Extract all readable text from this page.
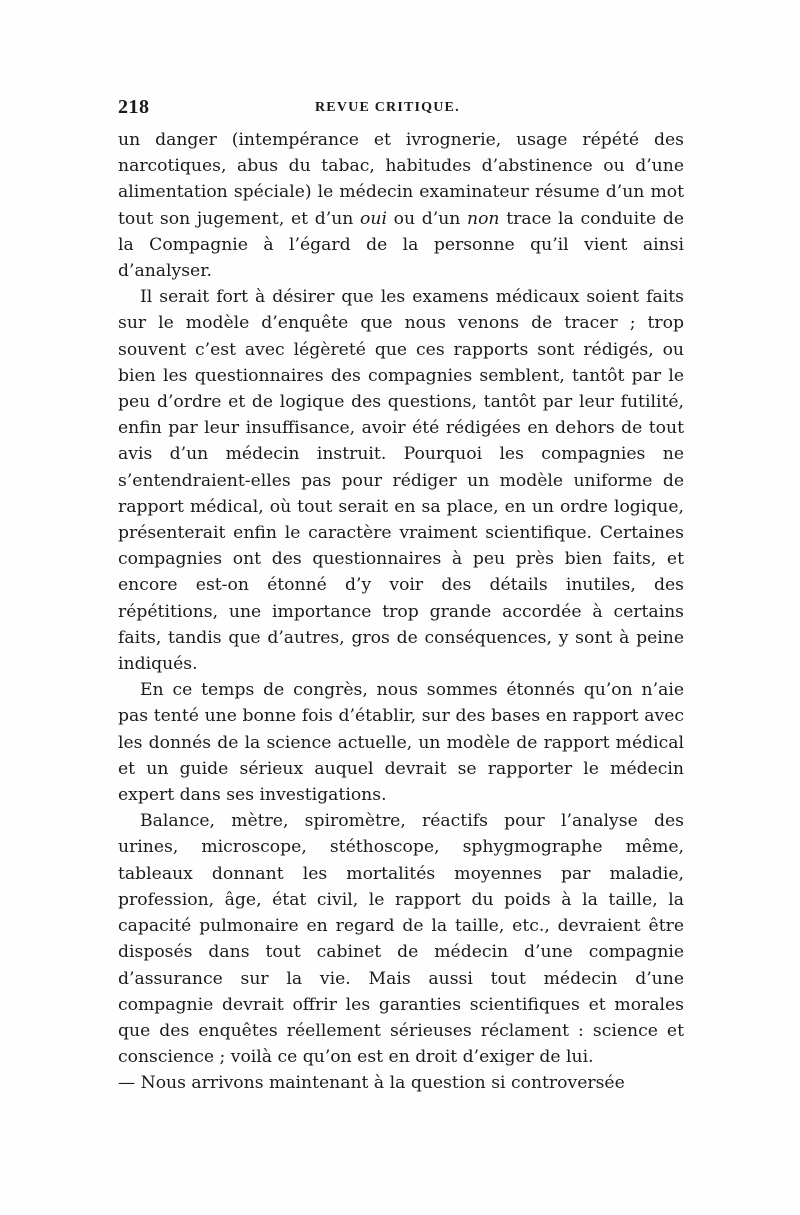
218	REVUE CRITIQUE.

un danger (intempérance et ivrognerie, usage répété des narcotiques, abus du tabac, habitudes d’abstinence ou d’une alimentation spéciale) le médecin examinateur résume d’un mot tout son jugement, et d’un oui ou d’un non trace la conduite de la Compagnie à l’égard de la personne qu’il vient ainsi d’analyser.

Il serait fort à désirer que les examens médicaux soient faits sur le modèle d’enquête que nous venons de tracer ; trop souvent c’est avec légèreté que ces rapports sont rédigés, ou bien les questionnaires des compagnies semblent, tantôt par le peu d’ordre et de logique des questions, tantôt par leur futilité, enfin par leur insuffisance, avoir été rédigées en dehors de tout avis d’un médecin instruit. Pourquoi les compagnies ne s’entendraient-elles pas pour rédiger un modèle uniforme de rapport médical, où tout serait en sa place, en un ordre logique, présenterait enfin le caractère vraiment scientifique. Certaines compagnies ont des questionnaires à peu près bien faits, et encore est-on étonné d’y voir des détails inutiles, des répétitions, une importance trop grande accordée à certains faits, tandis que d’autres, gros de conséquences, y sont à peine indiqués.

En ce temps de congrès, nous sommes étonnés qu’on n’aie pas tenté une bonne fois d’établir, sur des bases en rapport avec les donnés de la science actuelle, un modèle de rapport médical et un guide sérieux auquel devrait se rapporter le médecin expert dans ses investigations.

Balance, mètre, spiromètre, réactifs pour l’analyse des urines, microscope, stéthoscope, sphygmographe même, tableaux donnant les mortalités moyennes par maladie, profession, âge, état civil, le rapport du poids à la taille, la capacité pulmonaire en regard de la taille, etc., devraient être disposés dans tout cabinet de médecin d’une compagnie d’assurance sur la vie. Mais aussi tout médecin d’une compagnie devrait offrir les garanties scientifiques et morales que des enquêtes réellement sérieuses réclament : science et conscience ; voilà ce qu’on est en droit d’exiger de lui.

— Nous arrivons maintenant à la question si controversée
